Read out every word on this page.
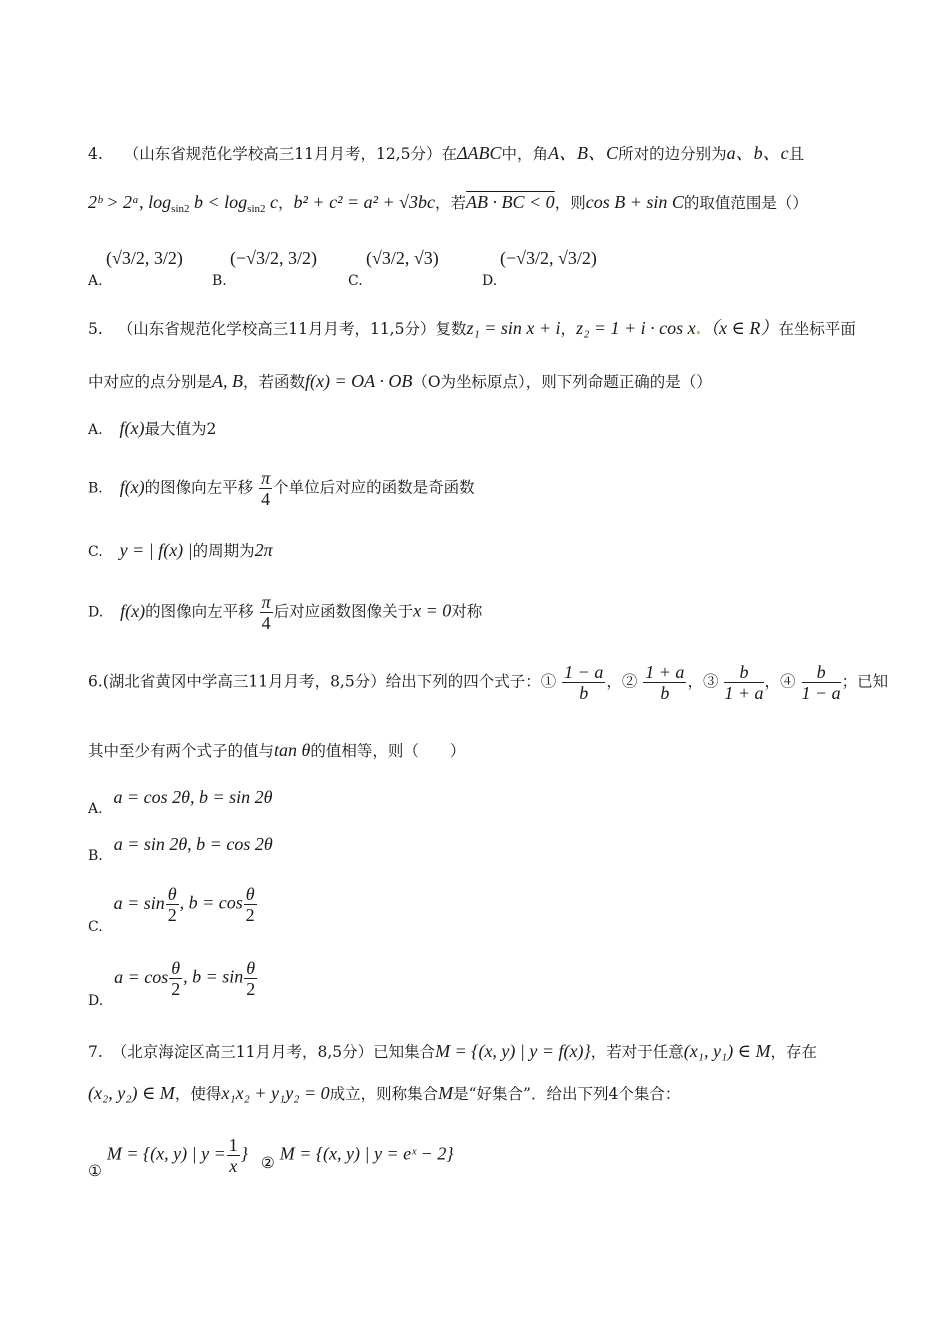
4. （山东省规范化学校高三11月月考，12,5分）在ΔABC中，角A、B、C所对的边分别为a、b、c且
2ᵇ > 2ᵃ, $\log_{sin2} b < \log_{sin2} c$，b² + c² = a² + √3bc，若AB · BC < 0，则cos B + sin C的取值范围是（）
A.
(√3/2, 3/2)
B.
(−√3/2, 3/2)
C.
(√3/2, √3)
D.
(−√3/2, √3/2)
5. （山东省规范化学校高三11月月考，11,5分）复数z₁ = sin x + i，z₂ = 1 + i · cos x.（x ∈ R）在坐标平面
中对应的点分别是A, B，若函数f(x) = OA · OB（O为坐标原点），则下列命题正确的是（）
A. f(x)最大值为2
B. f(x)的图像向左平移 $\frac{\pi}{4}$ 个单位后对应的函数是奇函数
C. y = | f(x) |的周期为2π
D. f(x)的图像向左平移 $\frac{\pi}{4}$ 后对应函数图像关于x = 0对称
6.(湖北省黄冈中学高三11月月考，8,5分）给出下列的四个式子：① $\frac{1 - a}{b}$ ，② $\frac{1 + a}{b}$ ，③ $\frac{b}{1 + a}$ ，④ $\frac{b}{1 - a}$ ；已知
其中至少有两个式子的值与tan θ的值相等，则（　　）
A. a = cos 2θ, b = sin 2θ
B. a = sin 2θ, b = cos 2θ
C. $a = \sin \frac{\theta}{2}$ , $b = \cos \frac{\theta}{2}$
D. $a = \cos \frac{\theta}{2}$ , $b = \sin \frac{\theta}{2}$
7. （北京海淀区高三11月月考，8,5分）已知集合M = {(x, y) | y = f(x)}，若对于任意(x₁, y₁) ∈ M，存在
(x₂, y₂) ∈ M，使得x₁x₂ + y₁y₂ = 0成立，则称集合M是“好集合”．给出下列4个集合：
① M = {(x, y) | $y = \frac{1}{x}$ } ② M = {(x, y) | y = eˣ − 2}
